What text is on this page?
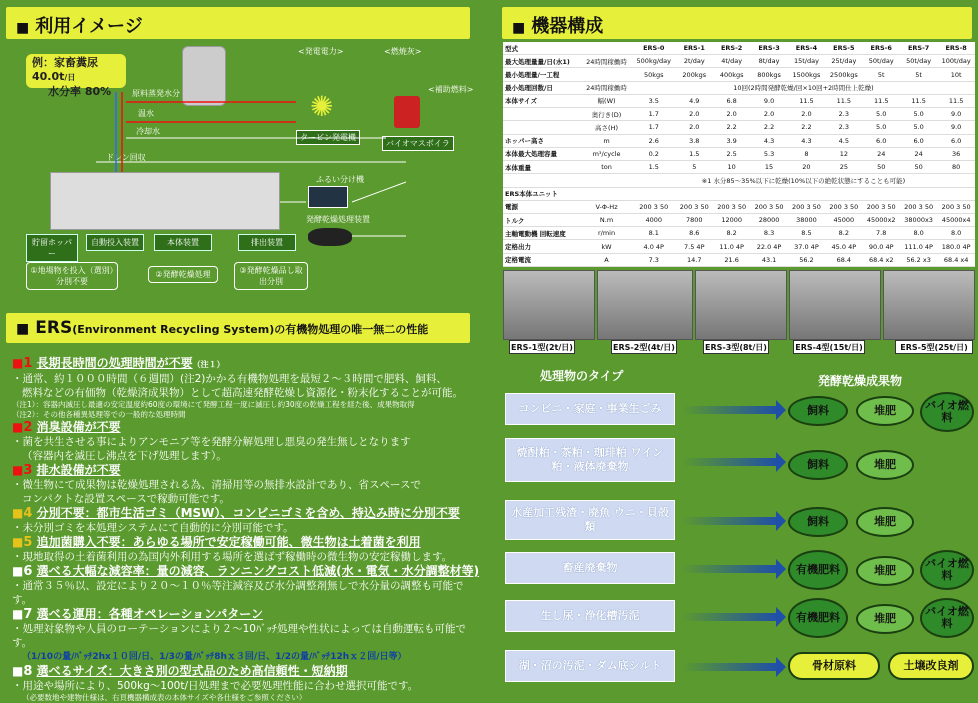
■ 利用イメージ
例：家畜糞尿 40.0t/日
水分率 80%	原料蒸発水分
温水
冷却水
ドレン回収
<発電電力>	<燃焼灰>
<補助燃料>
✺
タービン発電機
バイオマスボイラ
ふるい分け機
発酵乾燥処理装置
貯留ホッパー
自動投入装置	本体装置	排出装置
①地場物を投入（選別）分別不要
②発酵乾燥処理	③発酵乾燥品し取出分別
■ ERS(Environment Recycling System)の有機物処理の唯一無二の性能
■1 長期長時間の処理時間が不要（注１）
・通常、約１０００時間（６週間）(注2)かかる有機物処理を最短２～３時間で肥料、飼料、
燃料などの有価物（乾燥済成果物）として超高速発酵乾燥し資源化・粉末化することが可能。
（注1）：容器内滅圧し最適の安定温度約60度の環境にて発酵工程一度に滅圧し約30度の乾燥工程を経た後、成果物取得
（注2）：その他各種異処理等での一般的な処理時間
■2 消臭設備が不要
・菌を共生させる事によりアンモニア等を発酵分解処理し悪臭の発生無しとなります
（容器内を滅圧し沸点を下げ処理します）。
■3 排水設備が不要
・微生物にて成果物は乾燥処理される為、清掃用等の無排水設計であり、省スペースで
コンパクトな設置スペースで稼動可能です。
■4 分別不要：都市生活ゴミ（MSW）、コンビニゴミを含め、持込み時に分別不要
・未分別ゴミを本処理システムにて自動的に分別可能です。
■5 追加菌購入不要：あらゆる場所で安定稼働可能、微生物は土着菌を利用
・現地取得の土着菌利用の為国内外利用する場所を選ばず稼働時の微生物の安定稼働します。
■6 選べる大幅な減容率：量の減容、ランニングコスト低減(水・電気・水分調整材等)
・通常３５％以、設定により２０～１０％等注減容及び水分調整剤無しで水分量の調整も可能です。
■7 選べる運用：各種オペレーションパターン
・処理対象物や人員のローテーションにより２～10ﾊﾞｯﾁ処理や性状によっては自動運転も可能です。
（1/10の量/ﾊﾞｯﾁ2hx１０回/日、1/3の量/ﾊﾞｯﾁ8hｘ３回/日、1/2の量/ﾊﾞｯﾁ12hｘ２回/日等）
■8 選べるサイズ：大きさ別の型式品のため高信頼性・短納期
・用途や場所により、500kg～100t/日処理まで必要処理性能に合わせ選択可能です。
（必要数地や建物仕様は、右頁機器構成表の本体サイズや各仕様をご参照ください）
■ 機器構成
型式		ERS-0	ERS-1	ERS-2	ERS-3	ERS-4	ERS-5	ERS-6	ERS-7	ERS-8
最大処理量量/日(水1)	24時間稼働時	500kg/day	2t/day	4t/day	8t/day	15t/day	25t/day	50t/day	50t/day	100t/day
最小処理量/一工程		50kgs	200kgs	400kgs	800kgs	1500kgs	2500kgs	5t	5t	10t
最小処理回数/日	24時間稼働時	10回(2時間発酵乾燥/回×10回+2時間仕上乾燥)								
本体サイズ	幅(W)	3.5	4.9	6.8	9.0	11.5	11.5	11.5	11.5	11.5
	奥行き(D)	1.7	2.0	2.0	2.0	2.0	2.3	5.0	5.0	9.0
	高さ(H)	1.7	2.0	2.2	2.2	2.2	2.3	5.0	5.0	9.0
ホッパー高さ	m	2.6	3.8	3.9	4.3	4.3	4.5	6.0	6.0	6.0
本体最大処理容量	m³/cycle	0.2	1.5	2.5	5.3	8	12	24	24	36
本体重量	ton	1.5	5	10	15	20	25	50	50	80
		※1 水分85～35%以下に乾燥(10%以下の絶乾状態にすることも可能)								
ERS本体ユニット										
電源	V-Φ-Hz	200 3 50	200 3 50	200 3 50	200 3 50	200 3 50	200 3 50	200 3 50	200 3 50	200 3 50
トルク	N.m	4000	7800	12000	28000	38000	45000	45000x2	38000x3	45000x4
主軸電動機 回転速度	r/min	8.1	8.6	8.2	8.3	8.5	8.2	7.8	8.0	8.0
定格出力	kW	4.0 4P	7.5 4P	11.0 4P	22.0 4P	37.0 4P	45.0 4P	90.0 4P	111.0 4P	180.0 4P
定格電流	A	7.3	14.7	21.6	43.1	56.2	68.4	68.4 x2	56.2 x3	68.4 x4
ERS-1型(2t/日)	ERS-2型(4t/日)	ERS-3型(8t/日)	ERS-4型(15t/日)	ERS-5型(25t/日)
処理物のタイプ	発酵乾燥成果物
コンビニ・家庭・事業生ごみ
焼酎粕・茶粕・珈琲粕 ワイン粕・液体廃棄物
水産加工残渣・廃魚 ウニ・貝殻類
畜産廃棄物
生し尿・浄化槽汚泥
湖・沼の汚泥・ダム底シルト
飼料	堆肥	バイオ燃料
飼料	堆肥
飼料	堆肥
有機肥料	堆肥
バイオ燃料
有機肥料	堆肥
バイオ燃料
骨材原料	土壌改良剤
